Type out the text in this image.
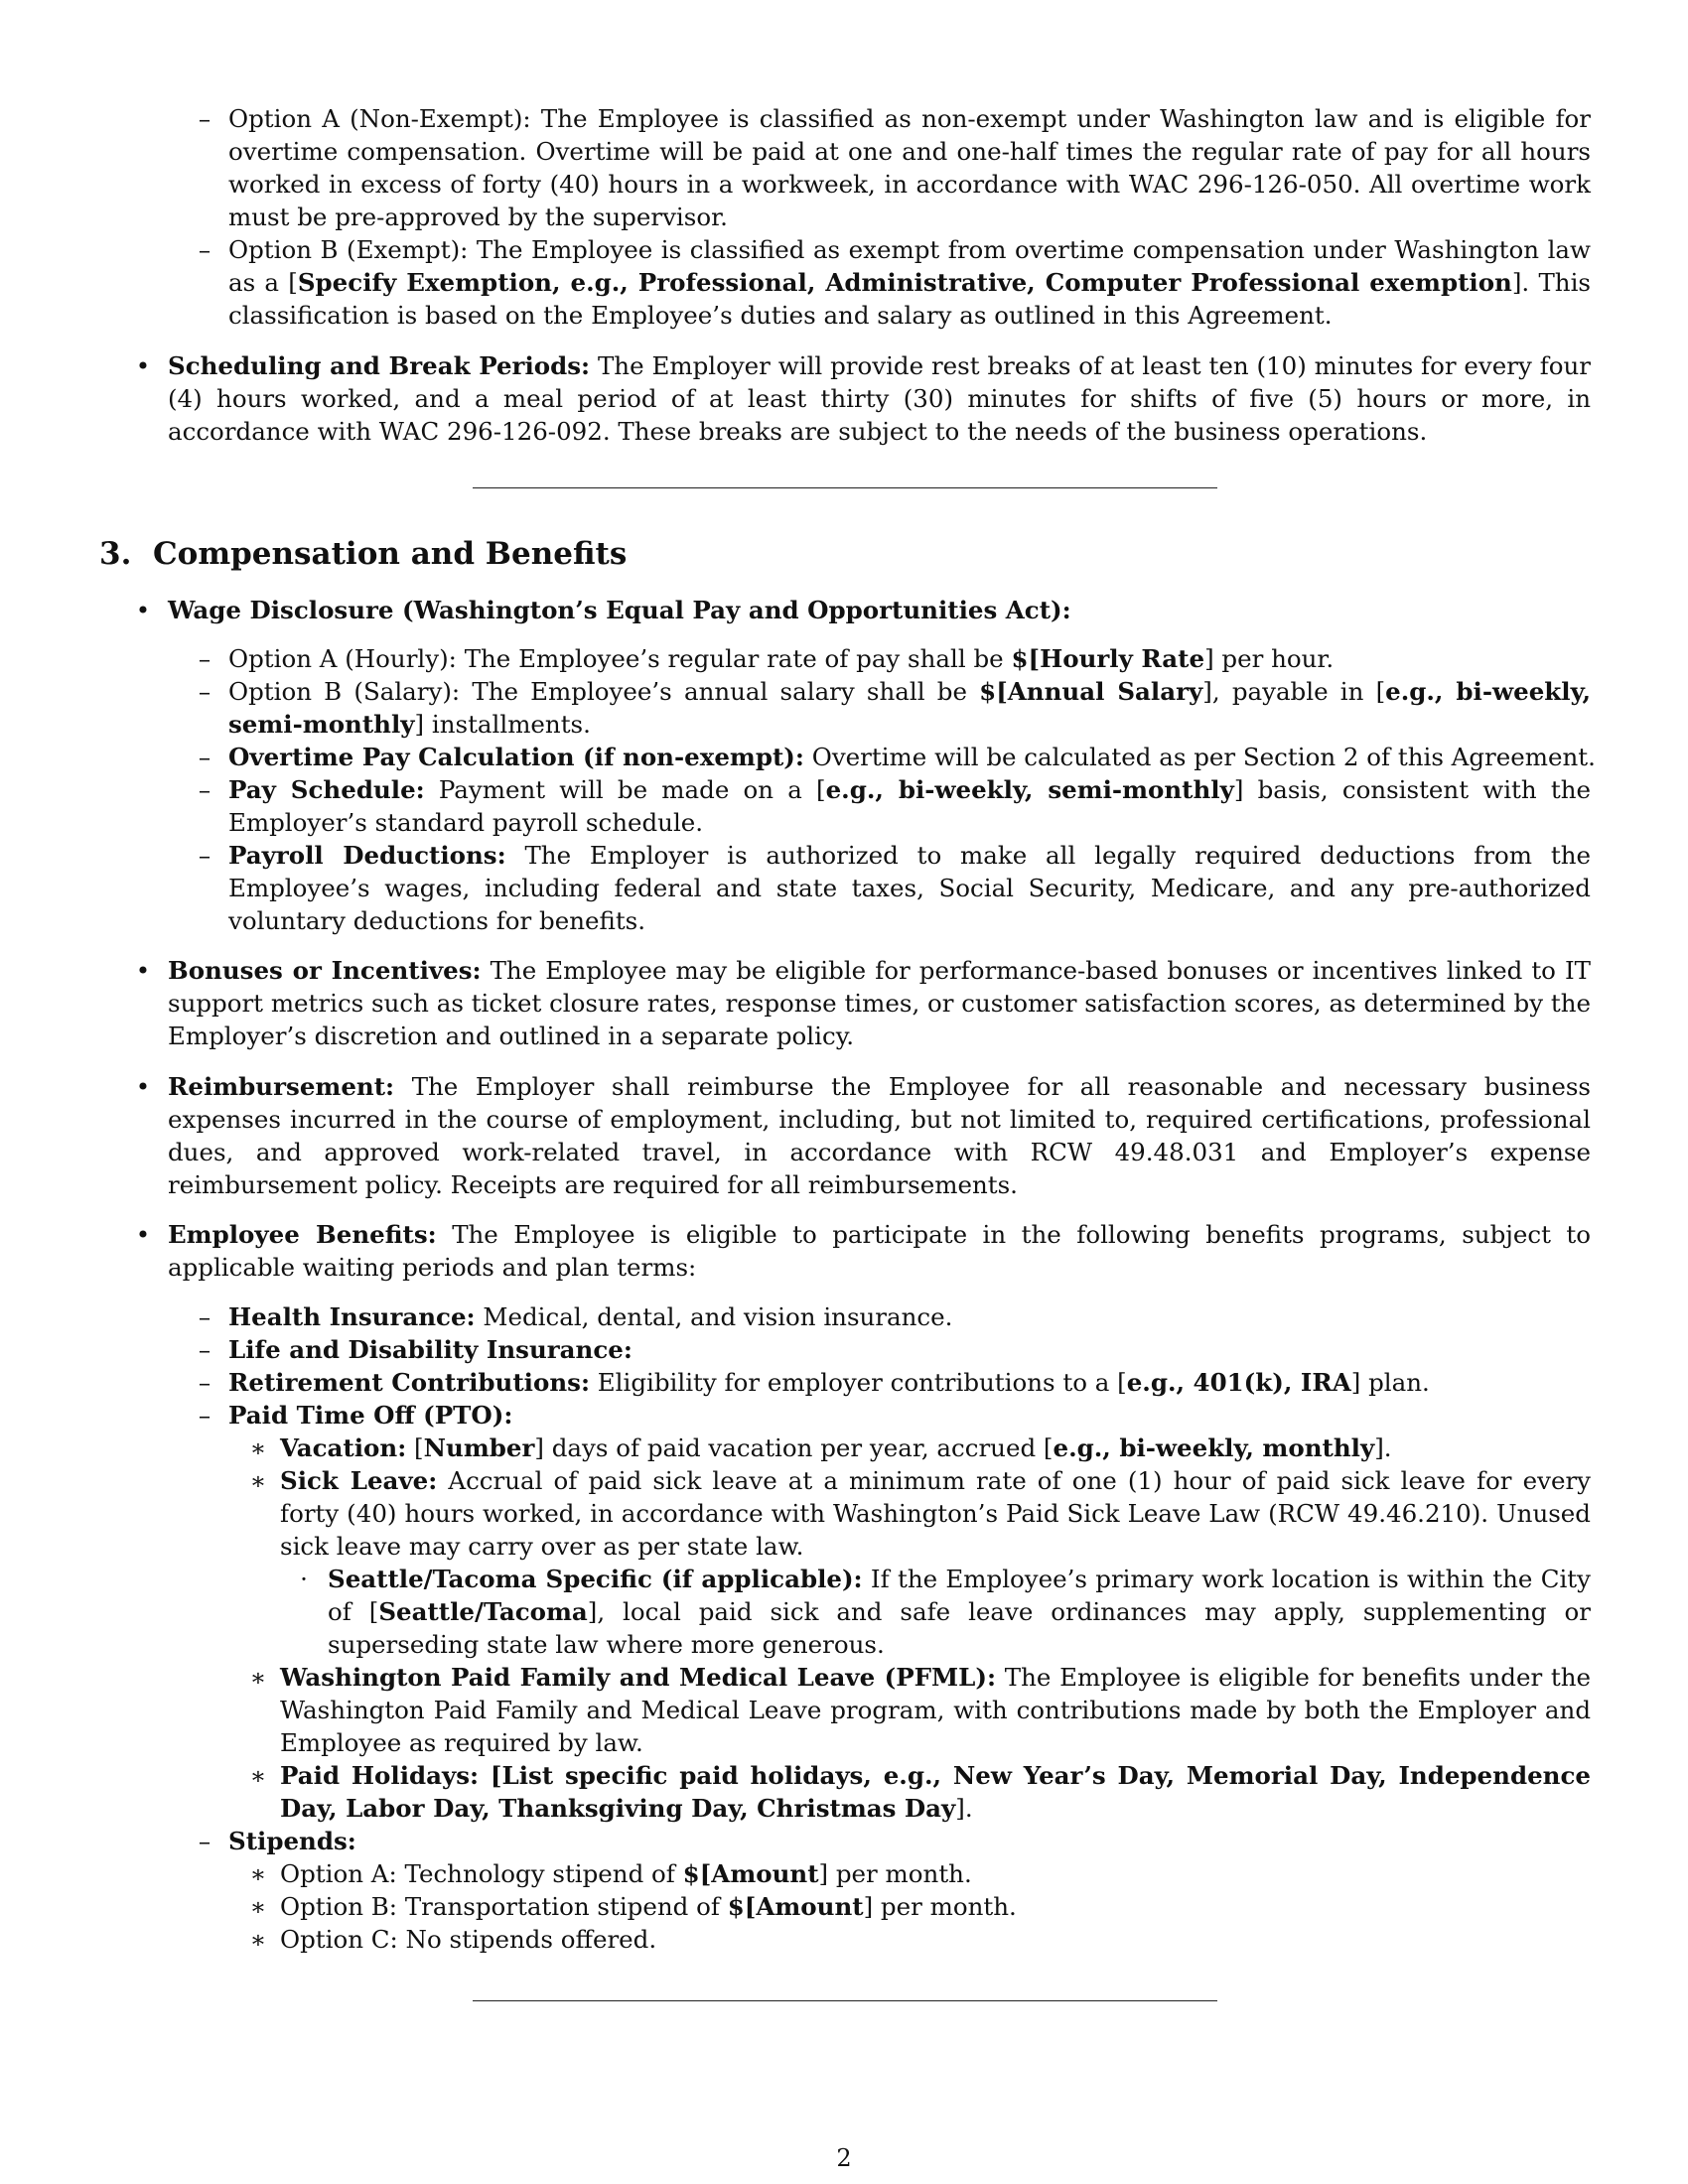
– Option A (Non-Exempt): The Employee is classified as non-exempt under Washington law and is eligible for overtime compensation. Overtime will be paid at one and one-half times the regular rate of pay for all hours worked in excess of forty (40) hours in a workweek, in accordance with WAC 296-126-050. All overtime work must be pre-approved by the supervisor.

– Option B (Exempt): The Employee is classified as exempt from overtime compensation under Washington law as a [Specify Exemption, e.g., Professional, Administrative, Computer Professional exemption]. This classification is based on the Employee’s duties and salary as outlined in this Agreement.

• Scheduling and Break Periods: The Employer will provide rest breaks of at least ten (10) minutes for every four (4) hours worked, and a meal period of at least thirty (30) minutes for shifts of five (5) hours or more, in accordance with WAC 296-126-092. These breaks are subject to the needs of the business operations.

3. Compensation and Benefits
• Wage Disclosure (Washington’s Equal Pay and Opportunities Act):

– Option A (Hourly): The Employee’s regular rate of pay shall be $[Hourly Rate] per hour.

– Option B (Salary): The Employee’s annual salary shall be $[Annual Salary], payable in [e.g., bi-weekly, semi-monthly] installments.

– Overtime Pay Calculation (if non-exempt): Overtime will be calculated as per Section 2 of this Agreement.

– Pay Schedule: Payment will be made on a [e.g., bi-weekly, semi-monthly] basis, consistent with the Employer’s standard payroll schedule.

– Payroll Deductions: The Employer is authorized to make all legally required deductions from the Employee’s wages, including federal and state taxes, Social Security, Medicare, and any pre-authorized voluntary deductions for benefits.

• Bonuses or Incentives: The Employee may be eligible for performance-based bonuses or incentives linked to IT support metrics such as ticket closure rates, response times, or customer satisfaction scores, as determined by the Employer’s discretion and outlined in a separate policy.

• Reimbursement: The Employer shall reimburse the Employee for all reasonable and necessary business expenses incurred in the course of employment, including, but not limited to, required certifications, professional dues, and approved work-related travel, in accordance with RCW 49.48.031 and Employer’s expense reimbursement policy. Receipts are required for all reimbursements.

• Employee Benefits: The Employee is eligible to participate in the following benefits programs, subject to applicable waiting periods and plan terms:

– Health Insurance: Medical, dental, and vision insurance.

– Life and Disability Insurance:

– Retirement Contributions: Eligibility for employer contributions to a [e.g., 401(k), IRA] plan.

– Paid Time Off (PTO):

∗ Vacation: [Number] days of paid vacation per year, accrued [e.g., bi-weekly, monthly].

∗ Sick Leave: Accrual of paid sick leave at a minimum rate of one (1) hour of paid sick leave for every forty (40) hours worked, in accordance with Washington’s Paid Sick Leave Law (RCW 49.46.210). Unused sick leave may carry over as per state law.

· Seattle/Tacoma Specific (if applicable): If the Employee’s primary work location is within the City of [Seattle/Tacoma], local paid sick and safe leave ordinances may apply, supplementing or superseding state law where more generous.

∗ Washington Paid Family and Medical Leave (PFML): The Employee is eligible for benefits under the Washington Paid Family and Medical Leave program, with contributions made by both the Employer and Employee as required by law.

∗ Paid Holidays: [List specific paid holidays, e.g., New Year’s Day, Memorial Day, Independence Day, Labor Day, Thanksgiving Day, Christmas Day].

– Stipends:

∗ Option A: Technology stipend of $[Amount] per month.

∗ Option B: Transportation stipend of $[Amount] per month.

∗ Option C: No stipends offered.

2
